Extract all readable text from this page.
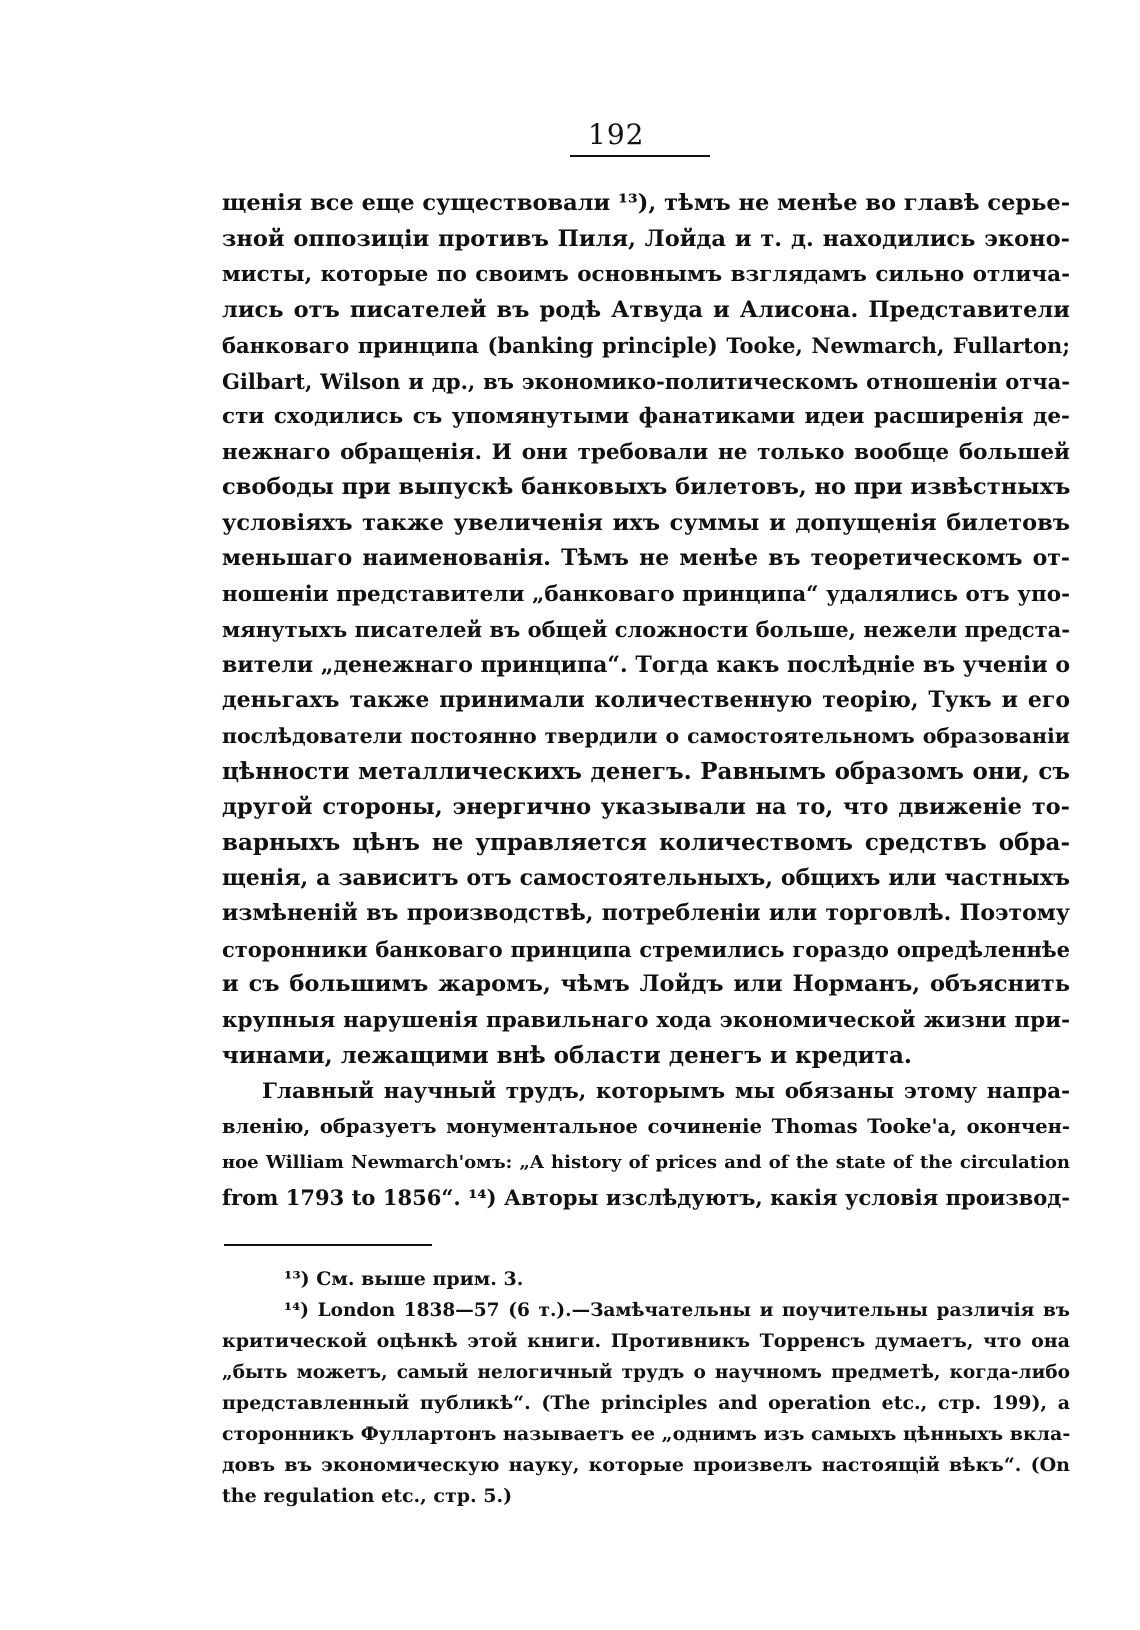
192
щенія все еще существовали ¹³), тѣмъ не менѣе во главѣ серье-
зной оппозиціи противъ Пиля, Лойда и т. д. находились эконо-
мисты, которые по своимъ основнымъ взглядамъ сильно отлича-
лись отъ писателей въ родѣ Атвуда и Алисона. Представители
банковаго принципа (banking principle) Tooke, Newmarch, Fullarton;
Gilbart, Wilson и др., въ экономико-политическомъ отношеніи отча-
сти сходились съ упомянутыми фанатиками идеи расширенія де-
нежнаго обращенія. И они требовали не только вообще большей
свободы при выпускѣ банковыхъ билетовъ, но при извѣстныхъ
условіяхъ также увеличенія ихъ суммы и допущенія билетовъ
меньшаго наименованія. Тѣмъ не менѣе въ теоретическомъ от-
ношеніи представители „банковаго принципа“ удалялись отъ упо-
мянутыхъ писателей въ общей сложности больше, нежели предста-
вители „денежнаго принципа“. Тогда какъ послѣдніе въ ученіи о
деньгахъ также принимали количественную теорію, Тукъ и его
послѣдователи постоянно твердили о самостоятельномъ образованіи
цѣнности металлическихъ денегъ. Равнымъ образомъ они, съ
другой стороны, энергично указывали на то, что движеніе то-
варныхъ цѣнъ не управляется количествомъ средствъ обра-
щенія, а зависитъ отъ самостоятельныхъ, общихъ или частныхъ
измѣненій въ производствѣ, потребленіи или торговлѣ. Поэтому
сторонники банковаго принципа стремились гораздо опредѣленнѣе
и съ большимъ жаромъ, чѣмъ Лойдъ или Норманъ, объяснить
крупныя нарушенія правильнаго хода экономической жизни при-
чинами, лежащими внѣ области денегъ и кредита.
Главный научный трудъ, которымъ мы обязаны этому напра-
вленію, образуетъ монументальное сочиненіе Thomas Tooke'a, окончен-
ное William Newmarch'омъ: „A history of prices and of the state of the circulation
from 1793 to 1856“. ¹⁴) Авторы изслѣдуютъ, какія условія производ-
¹³) См. выше прим. 3.
¹⁴) London 1838—57 (6 т.).—Замѣчательны и поучительны различія въ
критической оцѣнкѣ этой книги. Противникъ Торренсъ думаетъ, что она
„быть можетъ, самый нелогичный трудъ о научномъ предметѣ, когда-либо
представленный публикѣ“. (The principles and operation etc., стр. 199), а
сторонникъ Фуллартонъ называетъ ее „однимъ изъ самыхъ цѣнныхъ вкла-
довъ въ экономическую науку, которые произвелъ настоящій вѣкъ“. (On
the regulation etc., стр. 5.)
